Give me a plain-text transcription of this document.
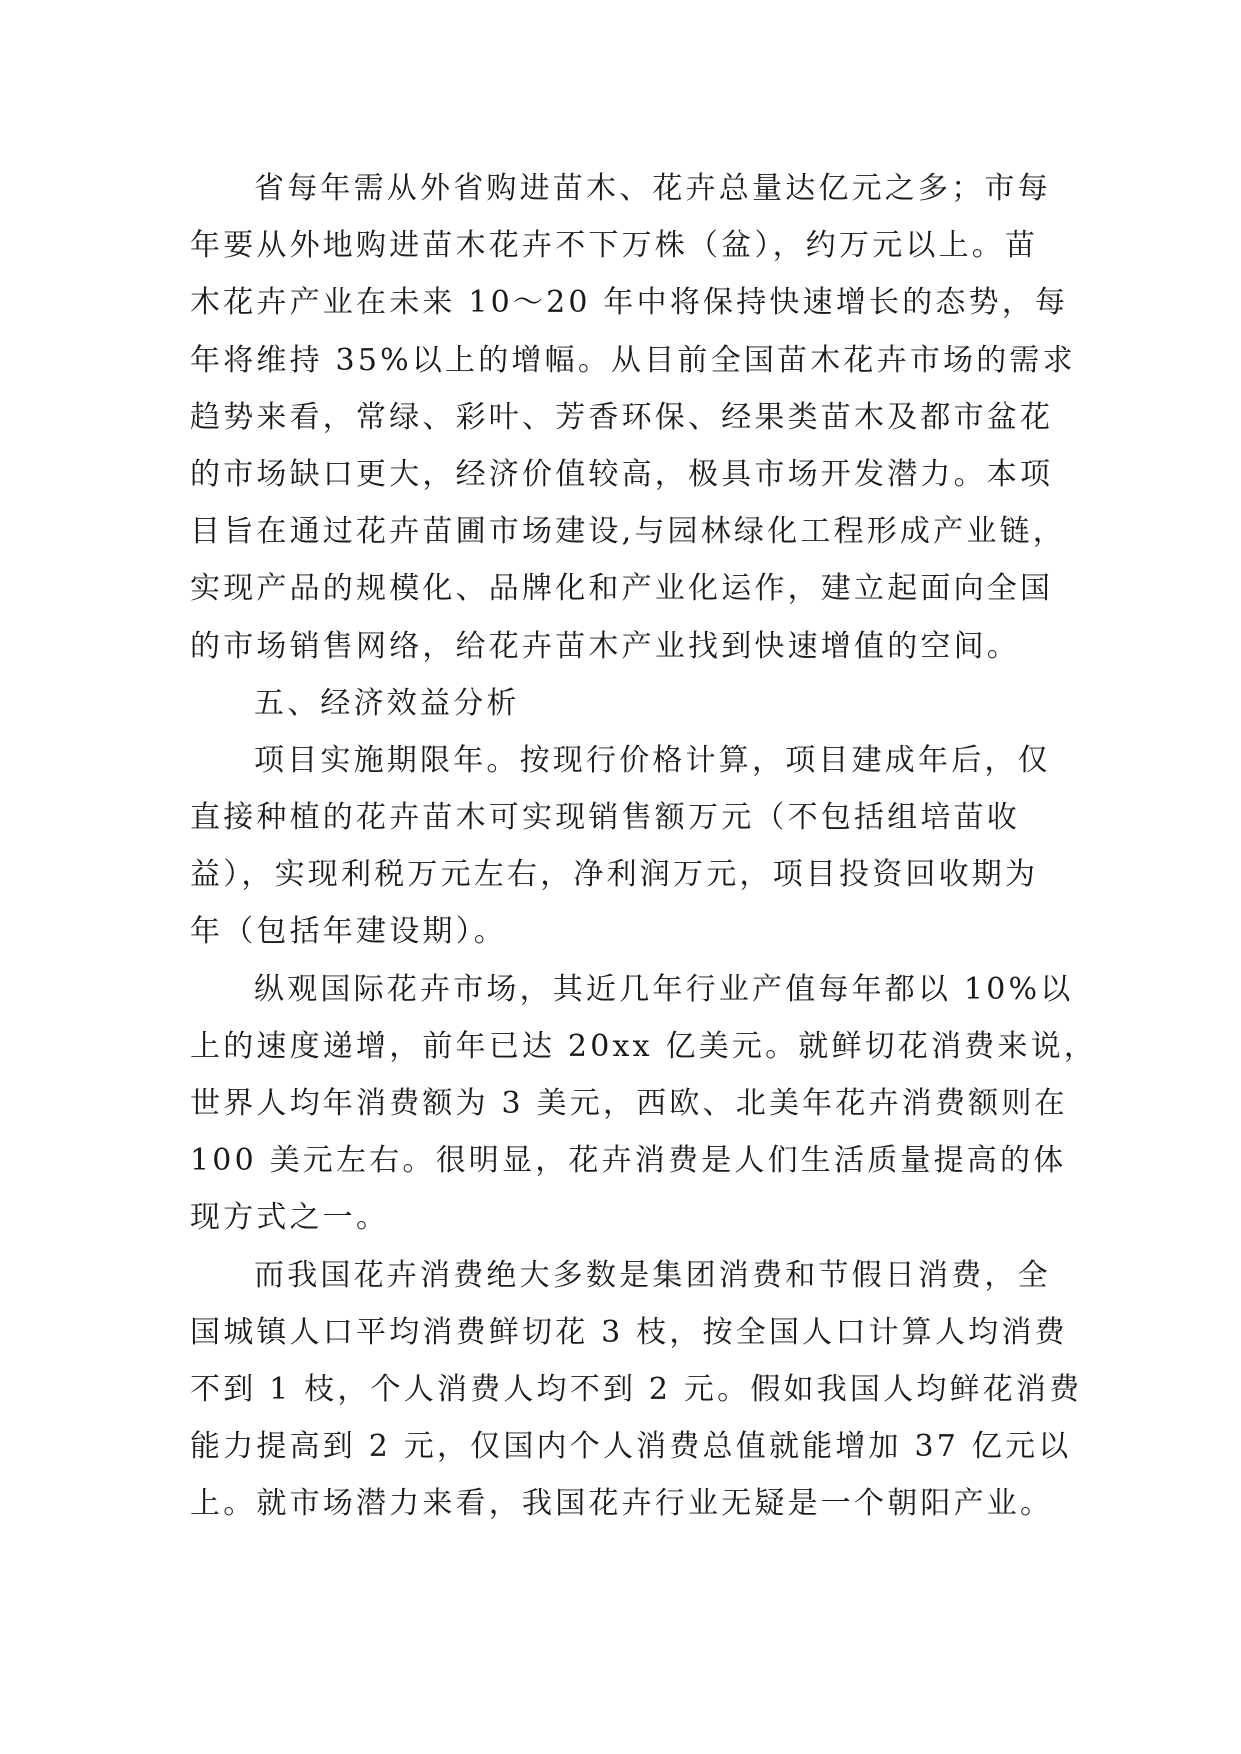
省每年需从外省购进苗木、花卉总量达亿元之多；市每
年要从外地购进苗木花卉不下万株（盆），约万元以上。苗
木花卉产业在未来 10～20 年中将保持快速增长的态势，每
年将维持 35%以上的增幅。从目前全国苗木花卉市场的需求
趋势来看，常绿、彩叶、芳香环保、经果类苗木及都市盆花
的市场缺口更大，经济价值较高，极具市场开发潜力。本项
目旨在通过花卉苗圃市场建设,与园林绿化工程形成产业链，
实现产品的规模化、品牌化和产业化运作，建立起面向全国
的市场销售网络，给花卉苗木产业找到快速增值的空间。
五、经济效益分析
项目实施期限年。按现行价格计算，项目建成年后，仅
直接种植的花卉苗木可实现销售额万元（不包括组培苗收
益），实现利税万元左右，净利润万元，项目投资回收期为
年（包括年建设期）。
纵观国际花卉市场，其近几年行业产值每年都以 10%以
上的速度递增，前年已达 20xx 亿美元。就鲜切花消费来说，
世界人均年消费额为 3 美元，西欧、北美年花卉消费额则在
100 美元左右。很明显，花卉消费是人们生活质量提高的体
现方式之一。
而我国花卉消费绝大多数是集团消费和节假日消费，全
国城镇人口平均消费鲜切花 3 枝，按全国人口计算人均消费
不到 1 枝，个人消费人均不到 2 元。假如我国人均鲜花消费
能力提高到 2 元，仅国内个人消费总值就能增加 37 亿元以
上。就市场潜力来看，我国花卉行业无疑是一个朝阳产业。
